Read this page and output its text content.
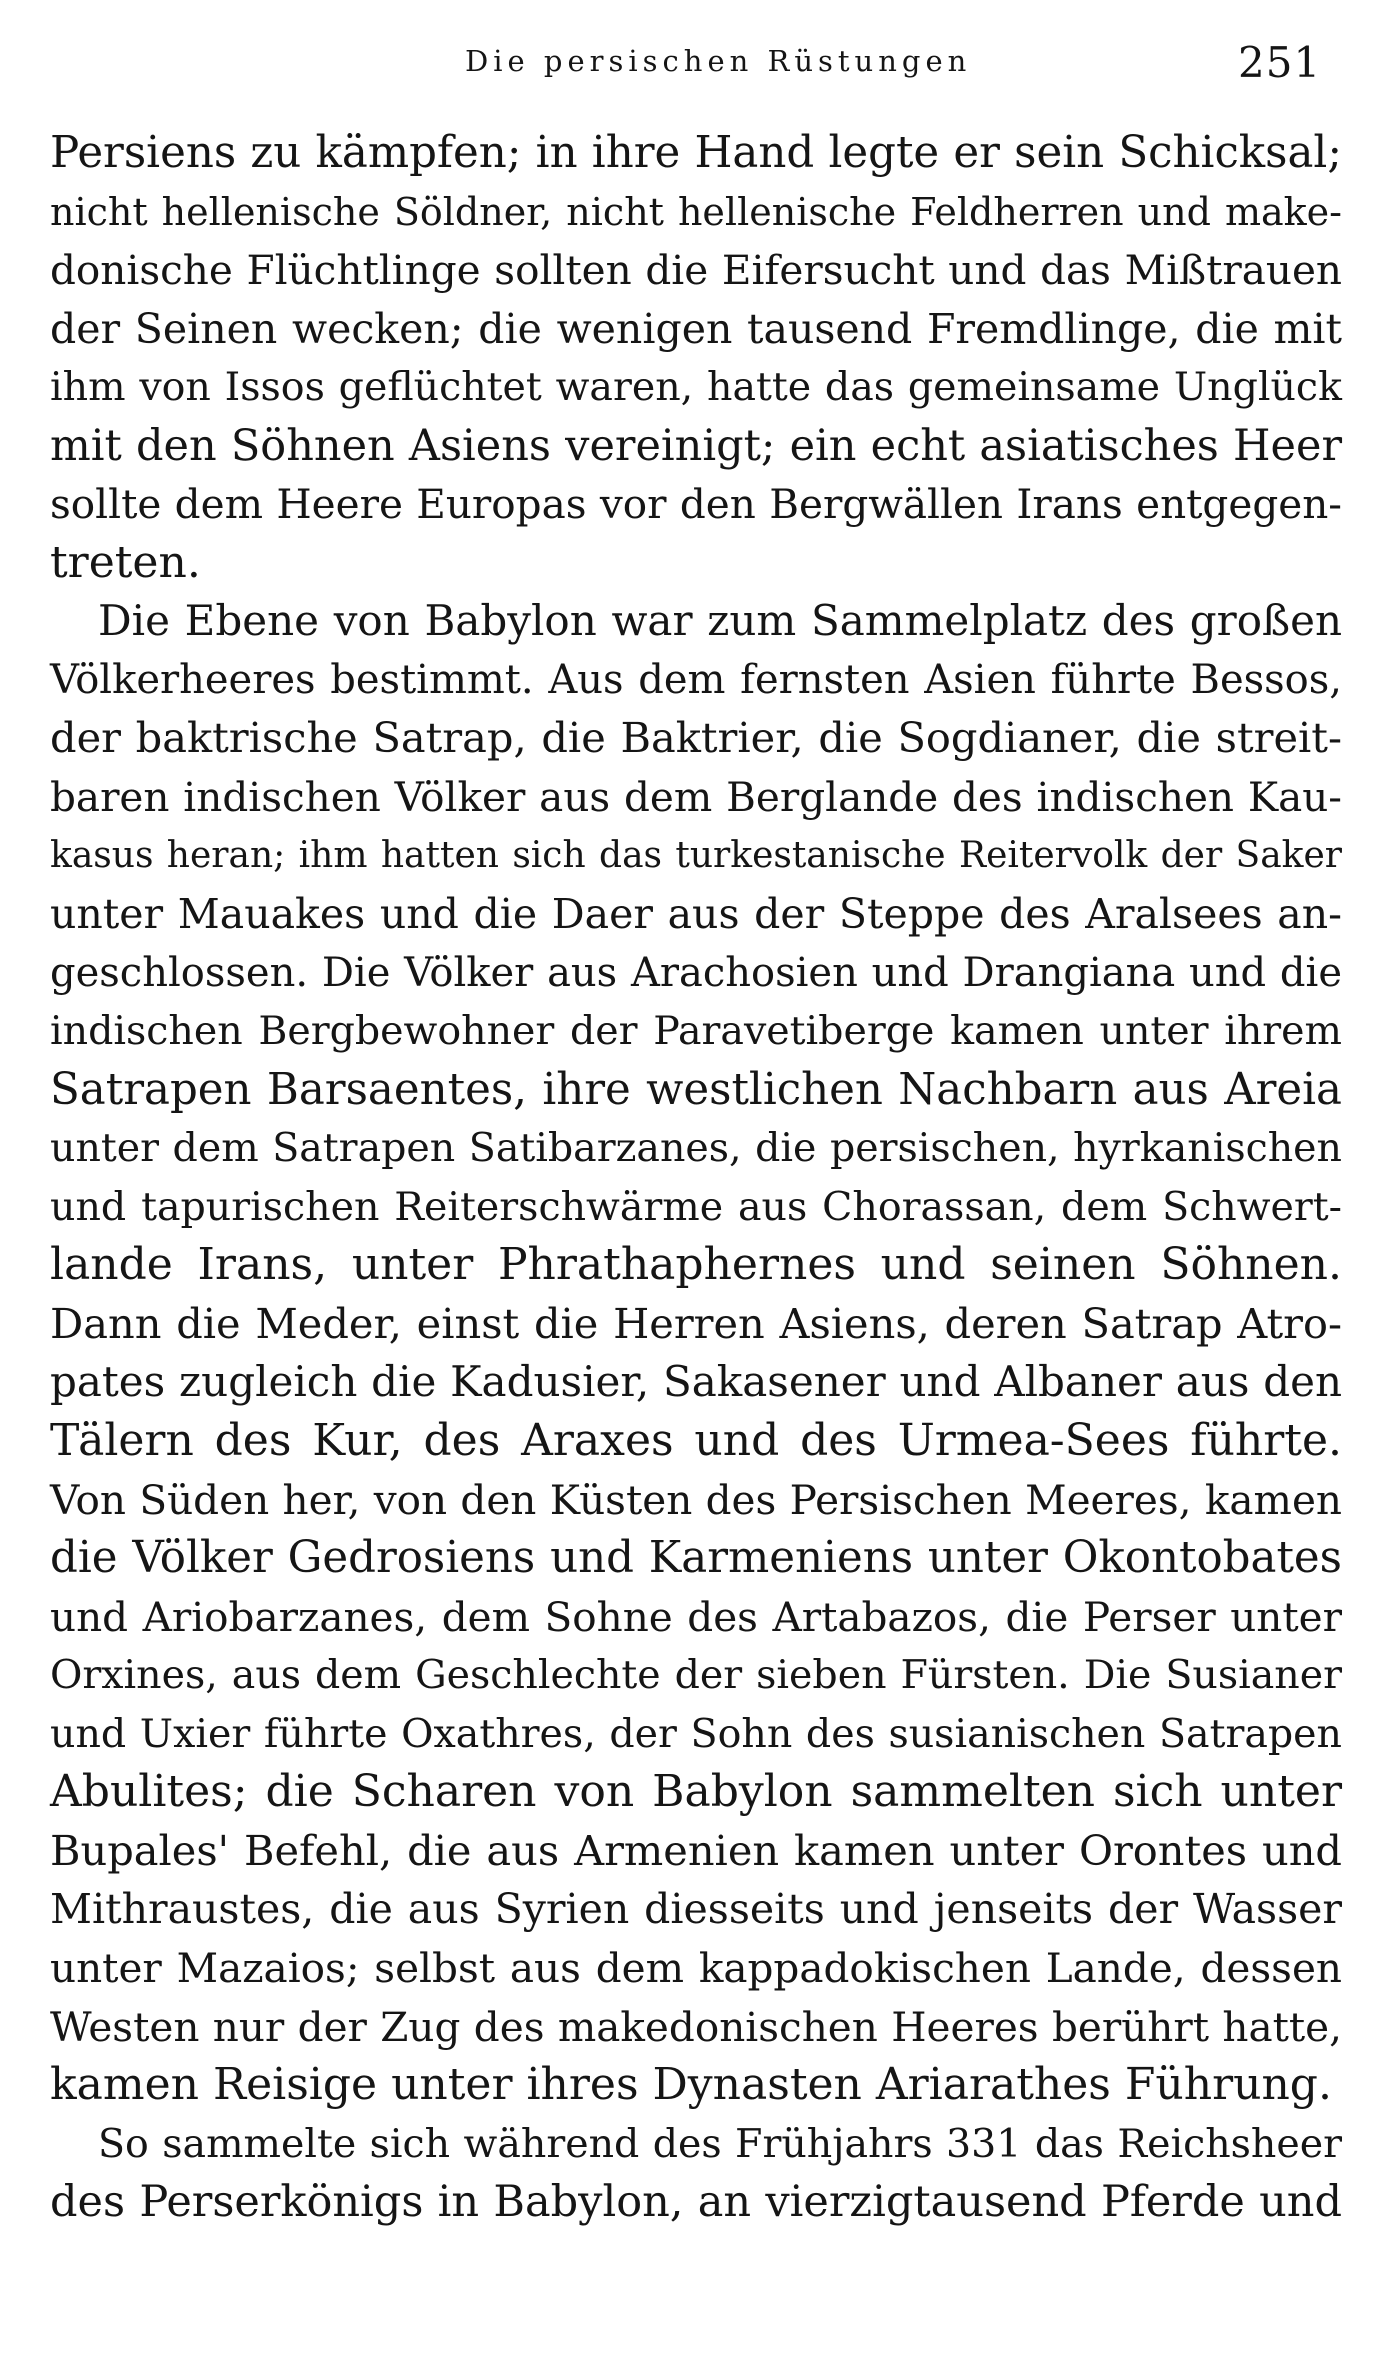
Die persischen Rüstungen	251
Persiens zu kämpfen; in ihre Hand legte er sein Schicksal;
nicht hellenische Söldner, nicht hellenische Feldherren und make-
donische Flüchtlinge sollten die Eifersucht und das Mißtrauen
der Seinen wecken; die wenigen tausend Fremdlinge, die mit
ihm von Issos geflüchtet waren, hatte das gemeinsame Unglück
mit den Söhnen Asiens vereinigt; ein echt asiatisches Heer
sollte dem Heere Europas vor den Bergwällen Irans entgegen-
treten.
Die Ebene von Babylon war zum Sammelplatz des großen
Völkerheeres bestimmt. Aus dem fernsten Asien führte Bessos,
der baktrische Satrap, die Baktrier, die Sogdianer, die streit-
baren indischen Völker aus dem Berglande des indischen Kau-
kasus heran; ihm hatten sich das turkestanische Reitervolk der Saker
unter Mauakes und die Daer aus der Steppe des Aralsees an-
geschlossen. Die Völker aus Arachosien und Drangiana und die
indischen Bergbewohner der Paravetiberge kamen unter ihrem
Satrapen Barsaentes, ihre westlichen Nachbarn aus Areia
unter dem Satrapen Satibarzanes, die persischen, hyrkanischen
und tapurischen Reiterschwärme aus Chorassan, dem Schwert-
lande Irans, unter Phrathaphernes und seinen Söhnen.
Dann die Meder, einst die Herren Asiens, deren Satrap Atro-
pates zugleich die Kadusier, Sakasener und Albaner aus den
Tälern des Kur, des Araxes und des Urmea-Sees führte.
Von Süden her, von den Küsten des Persischen Meeres, kamen
die Völker Gedrosiens und Karmeniens unter Okontobates
und Ariobarzanes, dem Sohne des Artabazos, die Perser unter
Orxines, aus dem Geschlechte der sieben Fürsten. Die Susianer
und Uxier führte Oxathres, der Sohn des susianischen Satrapen
Abulites; die Scharen von Babylon sammelten sich unter
Bupales' Befehl, die aus Armenien kamen unter Orontes und
Mithraustes, die aus Syrien diesseits und jenseits der Wasser
unter Mazaios; selbst aus dem kappadokischen Lande, dessen
Westen nur der Zug des makedonischen Heeres berührt hatte,
kamen Reisige unter ihres Dynasten Ariarathes Führung.
So sammelte sich während des Frühjahrs 331 das Reichsheer
des Perserkönigs in Babylon, an vierzigtausend Pferde und
